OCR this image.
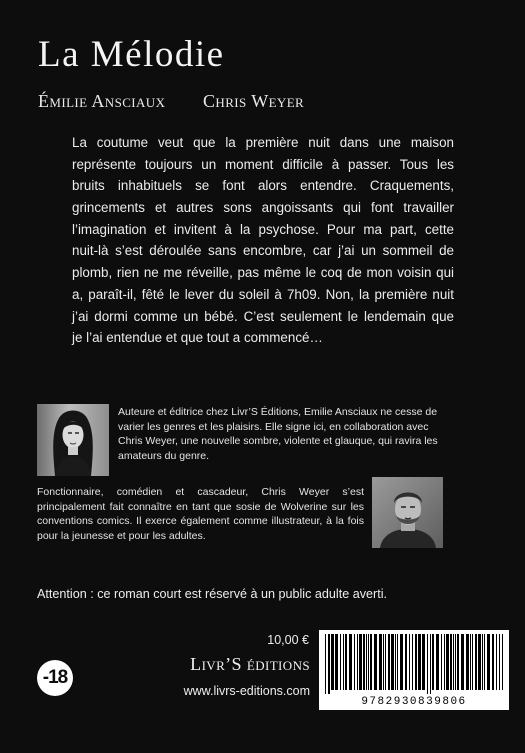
La Mélodie
Émilie Ansciaux Chris Weyer
La coutume veut que la première nuit dans une maison
représente toujours un moment difficile à passer. Tous les
bruits inhabituels se font alors entendre. Craquements,
grincements et autres sons angoissants qui font travailler
l’imagination et invitent à la psychose. Pour ma part, cette
nuit-là s’est déroulée sans encombre, car j’ai un sommeil de
plomb, rien ne me réveille, pas même le coq de mon voisin qui
a, paraît-il, fêté le lever du soleil à 7h09. Non, la première nuit
j’ai dormi comme un bébé. C’est seulement le lendemain que
je l’ai entendue et que tout a commencé…

Auteure et éditrice chez Livr’S Éditions, Emilie Ansciaux ne cesse de varier les genres et les plaisirs. Elle signe ici, en collaboration avec Chris Weyer, une nouvelle sombre, violente et glauque, qui ravira les amateurs du genre.

Fonctionnaire, comédien et cascadeur, Chris Weyer s’est principalement fait connaître en tant que sosie de Wolverine sur les conventions comics. Il exerce également comme illustrateur, à la fois pour la jeunesse et pour les adultes.

Attention : ce roman court est réservé à un public adulte averti.

-18
10,00 €
Livr’S éditions
www.livrs-editions.com
9782930839806
